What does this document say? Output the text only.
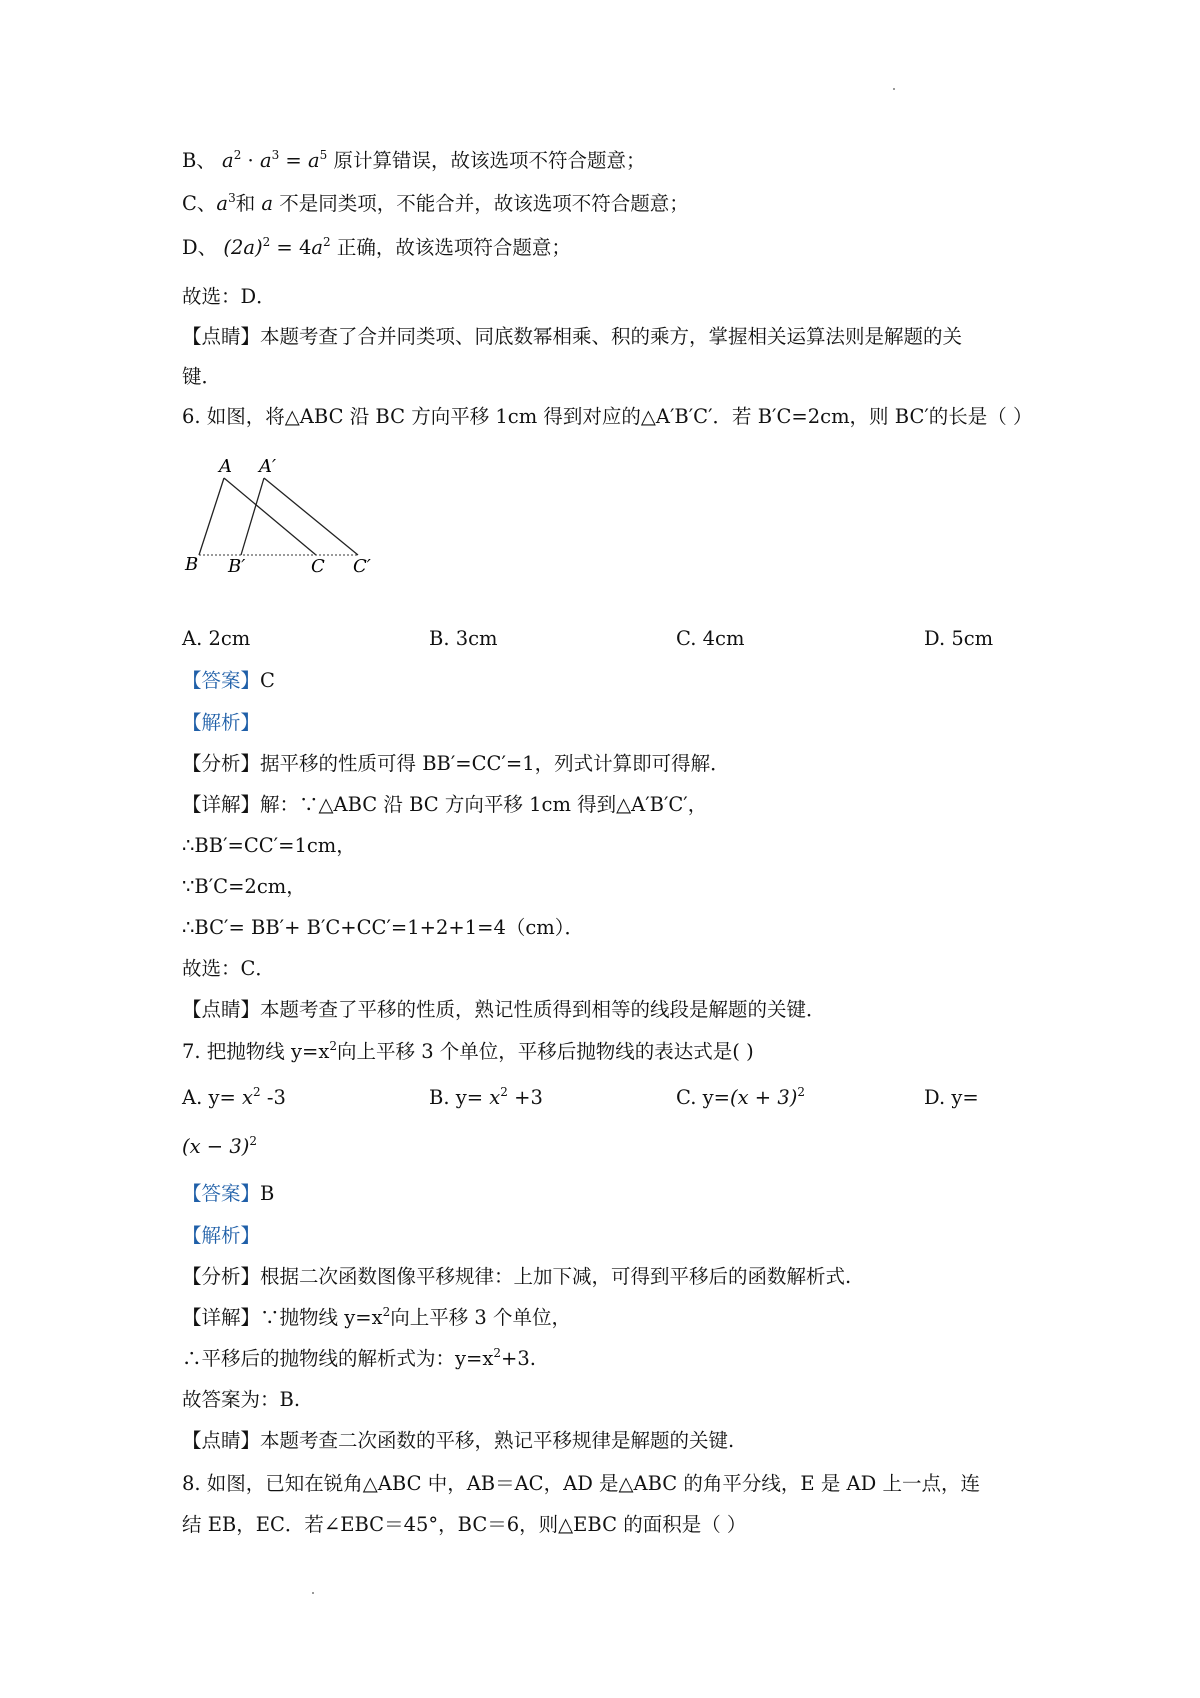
B、 $a^2 \cdot a^3 = a^5$ 原计算错误，故该选项不符合题意；
C、$a^3$和 a 不是同类项，不能合并，故该选项不符合题意；
D、 $(2a)^2 = 4a^2$ 正确，故该选项符合题意；
故选：D．
【点睛】本题考查了合并同类项、同底数幂相乘、积的乘方，掌握相关运算法则是解题的关
键．
6. 如图，将△ABC 沿 BC 方向平移 1cm 得到对应的△A′B′C′．若 B′C=2cm，则 BC′的长是（ ）
A A′
B B′	C C′
A. 2cm	B. 3cm	C. 4cm	D. 5cm
【答案】C
【解析】
【分析】据平移的性质可得 BB′=CC′=1，列式计算即可得解．
【详解】解：∵△ABC 沿 BC 方向平移 1cm 得到△A′B′C′，
∴BB′=CC′=1cm，
∵B′C=2cm，
∴BC′= BB′+ B′C+CC′=1+2+1=4（cm）．
故选：C．
【点睛】本题考查了平移的性质，熟记性质得到相等的线段是解题的关键．
7. 把抛物线 $y=x^2$向上平移 3 个单位，平移后抛物线的表达式是( )
A. $y= x^2$ -3	B. $y= x^2 +3$	C. $y=(x + 3)^2$	D. y=
$(x - 3)^2$
【答案】B
【解析】
【分析】根据二次函数图像平移规律：上加下减，可得到平移后的函数解析式.
【详解】∵抛物线 $y=x^2$向上平移 3 个单位，
∴平移后的抛物线的解析式为：$y=x^2+3$.
故答案为：B.
【点睛】本题考查二次函数的平移，熟记平移规律是解题的关键.
8. 如图，已知在锐角△ABC 中，AB＝AC，AD 是△ABC 的角平分线，E 是 AD 上一点，连
结 EB，EC．若∠EBC＝45°，BC＝6，则△EBC 的面积是（ ）
